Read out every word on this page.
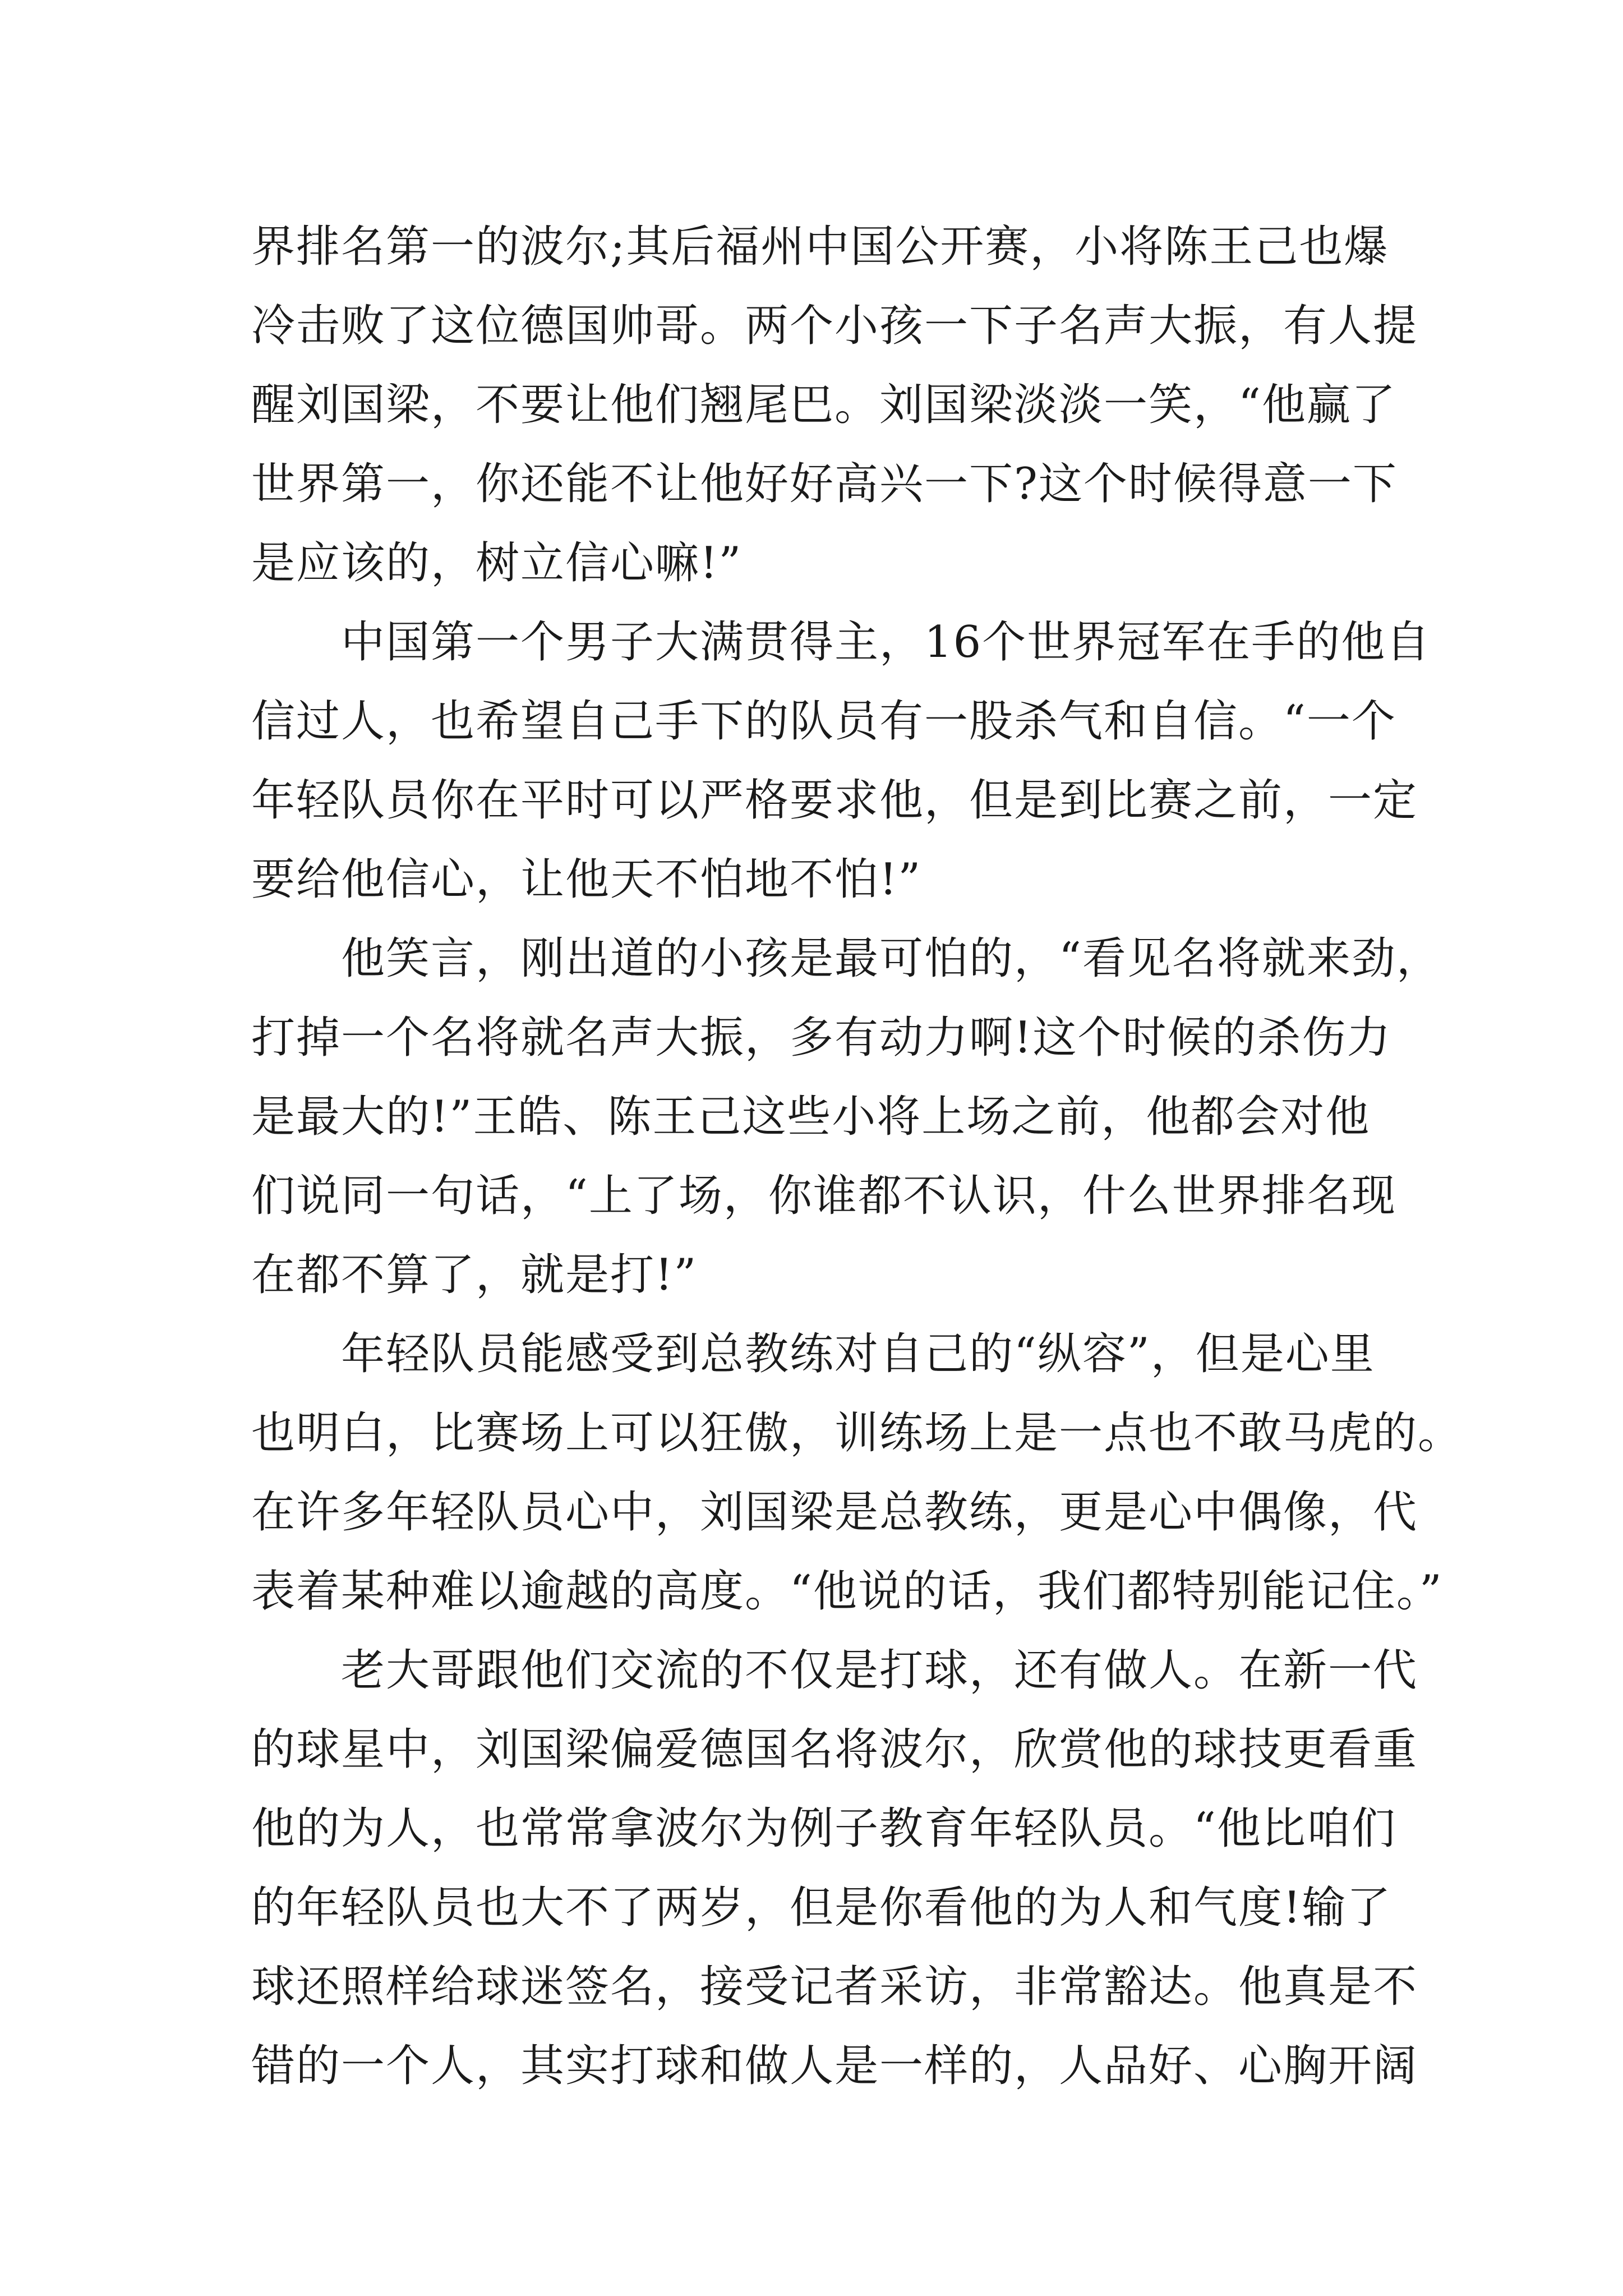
界排名第一的波尔;其后福州中国公开赛，小将陈王己也爆
冷击败了这位德国帅哥。两个小孩一下子名声大振，有人提
醒刘国梁，不要让他们翘尾巴。刘国梁淡淡一笑，“他赢了
世界第一，你还能不让他好好高兴一下?这个时候得意一下
是应该的，树立信心嘛!”
中国第一个男子大满贯得主，16个世界冠军在手的他自
信过人，也希望自己手下的队员有一股杀气和自信。“一个
年轻队员你在平时可以严格要求他，但是到比赛之前，一定
要给他信心，让他天不怕地不怕!”
他笑言，刚出道的小孩是最可怕的，“看见名将就来劲，
打掉一个名将就名声大振，多有动力啊!这个时候的杀伤力
是最大的!”王皓、陈王己这些小将上场之前，他都会对他
们说同一句话，“上了场，你谁都不认识，什么世界排名现
在都不算了，就是打!”
年轻队员能感受到总教练对自己的“纵容”，但是心里
也明白，比赛场上可以狂傲，训练场上是一点也不敢马虎的。
在许多年轻队员心中，刘国梁是总教练，更是心中偶像，代
表着某种难以逾越的高度。“他说的话，我们都特别能记住。”
老大哥跟他们交流的不仅是打球，还有做人。在新一代
的球星中，刘国梁偏爱德国名将波尔，欣赏他的球技更看重
他的为人，也常常拿波尔为例子教育年轻队员。“他比咱们
的年轻队员也大不了两岁，但是你看他的为人和气度!输了
球还照样给球迷签名，接受记者采访，非常豁达。他真是不
错的一个人，其实打球和做人是一样的，人品好、心胸开阔
